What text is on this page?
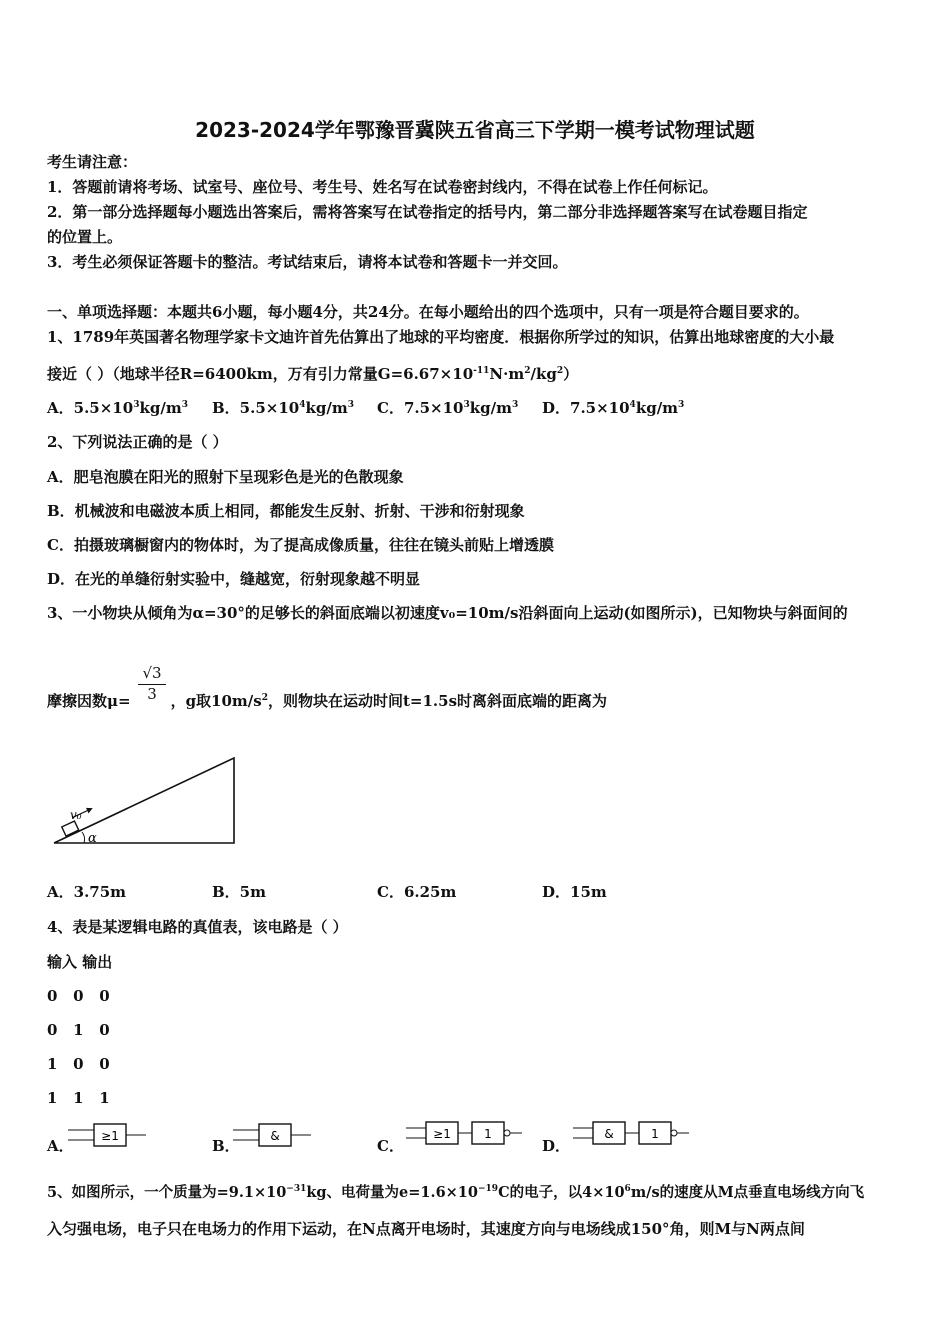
2023-2024学年鄂豫晋冀陕五省高三下学期一模考试物理试题
考生请注意：
1．答题前请将考场、试室号、座位号、考生号、姓名写在试卷密封线内，不得在试卷上作任何标记。
2．第一部分选择题每小题选出答案后，需将答案写在试卷指定的括号内，第二部分非选择题答案写在试卷题目指定
的位置上。
3．考生必须保证答题卡的整洁。考试结束后，请将本试卷和答题卡一并交回。
一、单项选择题：本题共6小题，每小题4分，共24分。在每小题给出的四个选项中，只有一项是符合题目要求的。
1、1789年英国著名物理学家卡文迪许首先估算出了地球的平均密度．根据你所学过的知识，估算出地球密度的大小最
接近（ ）（地球半径R=6400km，万有引力常量$G=6.67\times 10^{-11}N\cdot m^2/kg^2$）
A．$5.5\times 10^3kg/m^3$ B．$5.5\times 10^4kg/m^3$ C．$7.5\times 10^3kg/m^3$ D．$7.5\times 10^4kg/m^3$
2、下列说法正确的是（ ）
A．肥皂泡膜在阳光的照射下呈现彩色是光的色散现象
B．机械波和电磁波本质上相同，都能发生反射、折射、干涉和衍射现象
C．拍摄玻璃橱窗内的物体时，为了提高成像质量，往往在镜头前贴上增透膜
D．在光的单缝衍射实验中，缝越宽，衍射现象越不明显
3、一小物块从倾角为α=30°的足够长的斜面底端以初速度v₀=10m/s沿斜面向上运动(如图所示)，已知物块与斜面间的
摩擦因数μ=	，g取$10m/s^2$，则物块在运动时间t=1.5s时离斜面底端的距离为
$\frac{√3}{3}$
v₀
α
A．3.75m	B．5m	C．6.25m	D．15m
4、表是某逻辑电路的真值表，该电路是（ ）
输入 输出
0   0   0
0   1   0
1   0   0
1   1   1
A．
≥1
B．
&
C．
≥1	1
D．
&	1
5、如图所示，一个质量为$=9.1\times 10^{-31}kg$、电荷量为$e=1.6\times 10^{-19}C$的电子，以$4\times 10^6m/s$的速度从M点垂直电场线方向飞
入匀强电场，电子只在电场力的作用下运动，在N点离开电场时，其速度方向与电场线成150°角，则M与N两点间
